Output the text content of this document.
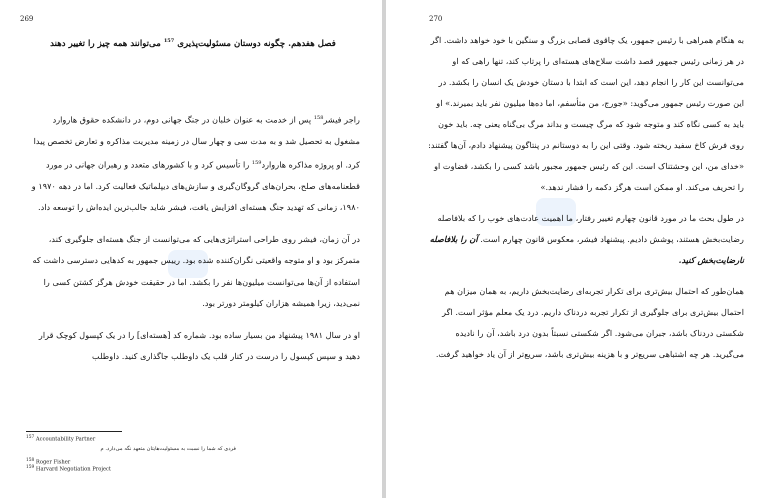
269
فصل هفدهم. چگونه دوستان مسئولیت‌پذیری $^{157}$ می‌توانند همه چیز را تغییر دهند

راجر فیشر$^{158}$ پس از خدمت به عنوان خلبان در جنگ جهانی دوم، در دانشکده حقوق هاروارد مشغول به تحصیل شد و به مدت سی و چهار سال در زمینه مدیریت مذاکره و تعارض تخصص پیدا کرد. او پروژه مذاکره هاروارد$^{159}$ را تأسیس کرد و با کشورهای متعدد و رهبران جهانی در مورد قطعنامه‌های صلح، بحران‌های گروگان‌گیری و سازش‌های دیپلماتیک فعالیت کرد. اما در دهه ۱۹۷۰ و ۱۹۸۰، زمانی که تهدید جنگ هسته‌ای افزایش یافت، فیشر شاید جالب‌ترین ایده‌اش را توسعه داد.

در آن زمان، فیشر روی طراحی استراتژی‌هایی که می‌توانست از جنگ هسته‌ای جلوگیری کند، متمرکز بود و او متوجه واقعیتی نگران‌کننده شده بود. رییس جمهور به کدهایی دسترسی داشت که استفاده از آن‌ها می‌توانست میلیون‌ها نفر را بکشد. اما در حقیقت خودش هرگز کشتن کسی را نمی‌دید، زیرا همیشه هزاران کیلومتر دورتر بود.

او در سال ۱۹۸۱ پیشنهاد من بسیار ساده بود. شماره کد [هسته‌ای] را در یک کپسول کوچک قرار دهید و سپس کپسول را درست در کنار قلب یک داوطلب جاگذاری کنید. داوطلب

$^{157}$ Accountability Partner
فردی که شما را نسبت به مسئولیت‌هایتان متعهد نگه می‌دارد. م
$^{158}$ Roger Fisher
$^{159}$ Harvard Negotiation Project
270

به هنگام همراهی با رئیس جمهور، یک چاقوی قصابی بزرگ و سنگین با خود خواهد داشت. اگر در هر زمانی رئیس جمهور قصد داشت سلاح‌های هسته‌ای را پرتاب کند، تنها راهی که او می‌توانست این کار را انجام دهد، این است که ابتدا با دستان خودش یک انسان را بکشد. در این صورت رئیس جمهور می‌گوید: «جورج، من متأسفم، اما ده‌ها میلیون نفر باید بمیرند.» او باید به کسی نگاه کند و متوجه شود که مرگ چیست و بداند مرگ بی‌گناه یعنی چه. باید خون روی فرش کاخ سفید ریخته شود. وقتی این را به دوستانم در پنتاگون پیشنهاد دادم، آن‌ها گفتند: «خدای من، این وحشتناک است. این که رئیس جمهور مجبور باشد کسی را بکشد، قضاوت او را تحریف می‌کند. او ممکن است هرگز دکمه را فشار ندهد.»

در طول بحث ما در مورد قانون چهارم تغییر رفتار، ما اهمیت عادت‌های خوب را که بلافاصله رضایت‌بخش هستند، پوشش دادیم. پیشنهاد فیشر، معکوس قانون چهارم است. آن را بلافاصله نارضایت‌بخش کنید.

همان‌طور که احتمال بیش‌تری برای تکرار تجربه‌ای رضایت‌بخش داریم، به همان میزان هم احتمال بیش‌تری برای جلوگیری از تکرار تجربه دردناک داریم. درد یک معلم مؤثر است. اگر شکستی دردناک باشد، جبران می‌شود. اگر شکستی نسبتاً بدون درد باشد، آن را نادیده می‌گیرید. هر چه اشتباهی سریع‌تر و با هزینه بیش‌تری باشد، سریع‌تر از آن یاد خواهید گرفت.
